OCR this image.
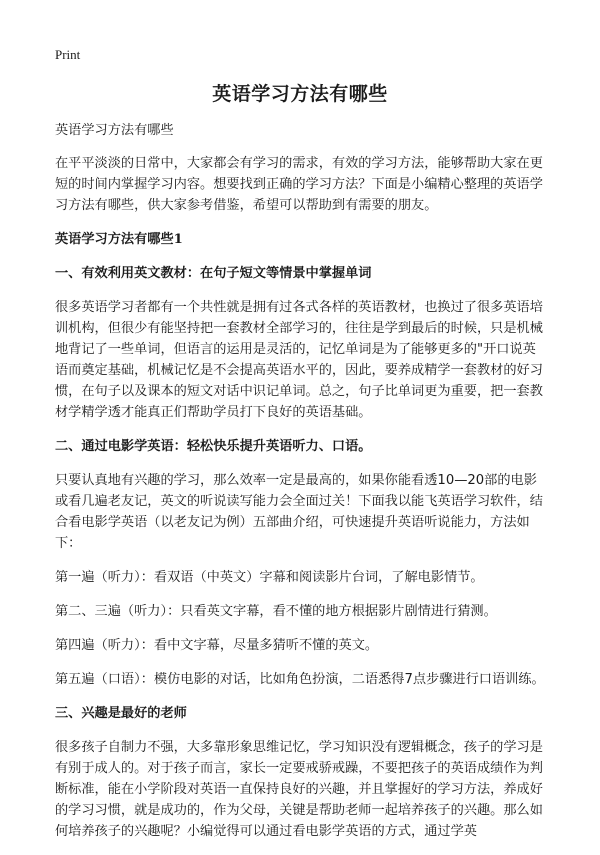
Print
英语学习方法有哪些

英语学习方法有哪些

在平平淡淡的日常中，大家都会有学习的需求，有效的学习方法，能够帮助大家在更短的时间内掌握学习内容。想要找到正确的学习方法？下面是小编精心整理的英语学习方法有哪些，供大家参考借鉴，希望可以帮助到有需要的朋友。

英语学习方法有哪些1
一、有效利用英文教材：在句子短文等情景中掌握单词

很多英语学习者都有一个共性就是拥有过各式各样的英语教材，也换过了很多英语培训机构，但很少有能坚持把一套教材全部学习的，往往是学到最后的时候，只是机械地背记了一些单词，但语言的运用是灵活的，记忆单词是为了能够更多的"开口说英语而奠定基础，机械记忆是不会提高英语水平的，因此，要养成精学一套教材的好习惯，在句子以及课本的短文对话中识记单词。总之，句子比单词更为重要，把一套教材学精学透才能真正们帮助学员打下良好的英语基础。

二、通过电影学英语：轻松快乐提升英语听力、口语。

只要认真地有兴趣的学习，那么效率一定是最高的，如果你能看透10—20部的电影或看几遍老友记，英文的听说读写能力会全面过关！下面我以能飞英语学习软件，结合看电影学英语（以老友记为例）五部曲介绍，可快速提升英语听说能力，方法如下：

第一遍（听力）：看双语（中英文）字幕和阅读影片台词，了解电影情节。

第二、三遍（听力）：只看英文字幕，看不懂的地方根据影片剧情进行猜测。

第四遍（听力）：看中文字幕，尽量多猜听不懂的英文。

第五遍（口语）：模仿电影的对话，比如角色扮演，二语悉得7点步骤进行口语训练。

三、兴趣是最好的老师

很多孩子自制力不强，大多靠形象思维记忆，学习知识没有逻辑概念，孩子的学习是有别于成人的。对于孩子而言，家长一定要戒骄戒躁，不要把孩子的英语成绩作为判断标准，能在小学阶段对英语一直保持良好的兴趣，并且掌握好的学习方法，养成好的学习习惯，就是成功的，作为父母，关键是帮助老师一起培养孩子的兴趣。那么如何培养孩子的兴趣呢？小编觉得可以通过看电影学英语的方式，通过学英
